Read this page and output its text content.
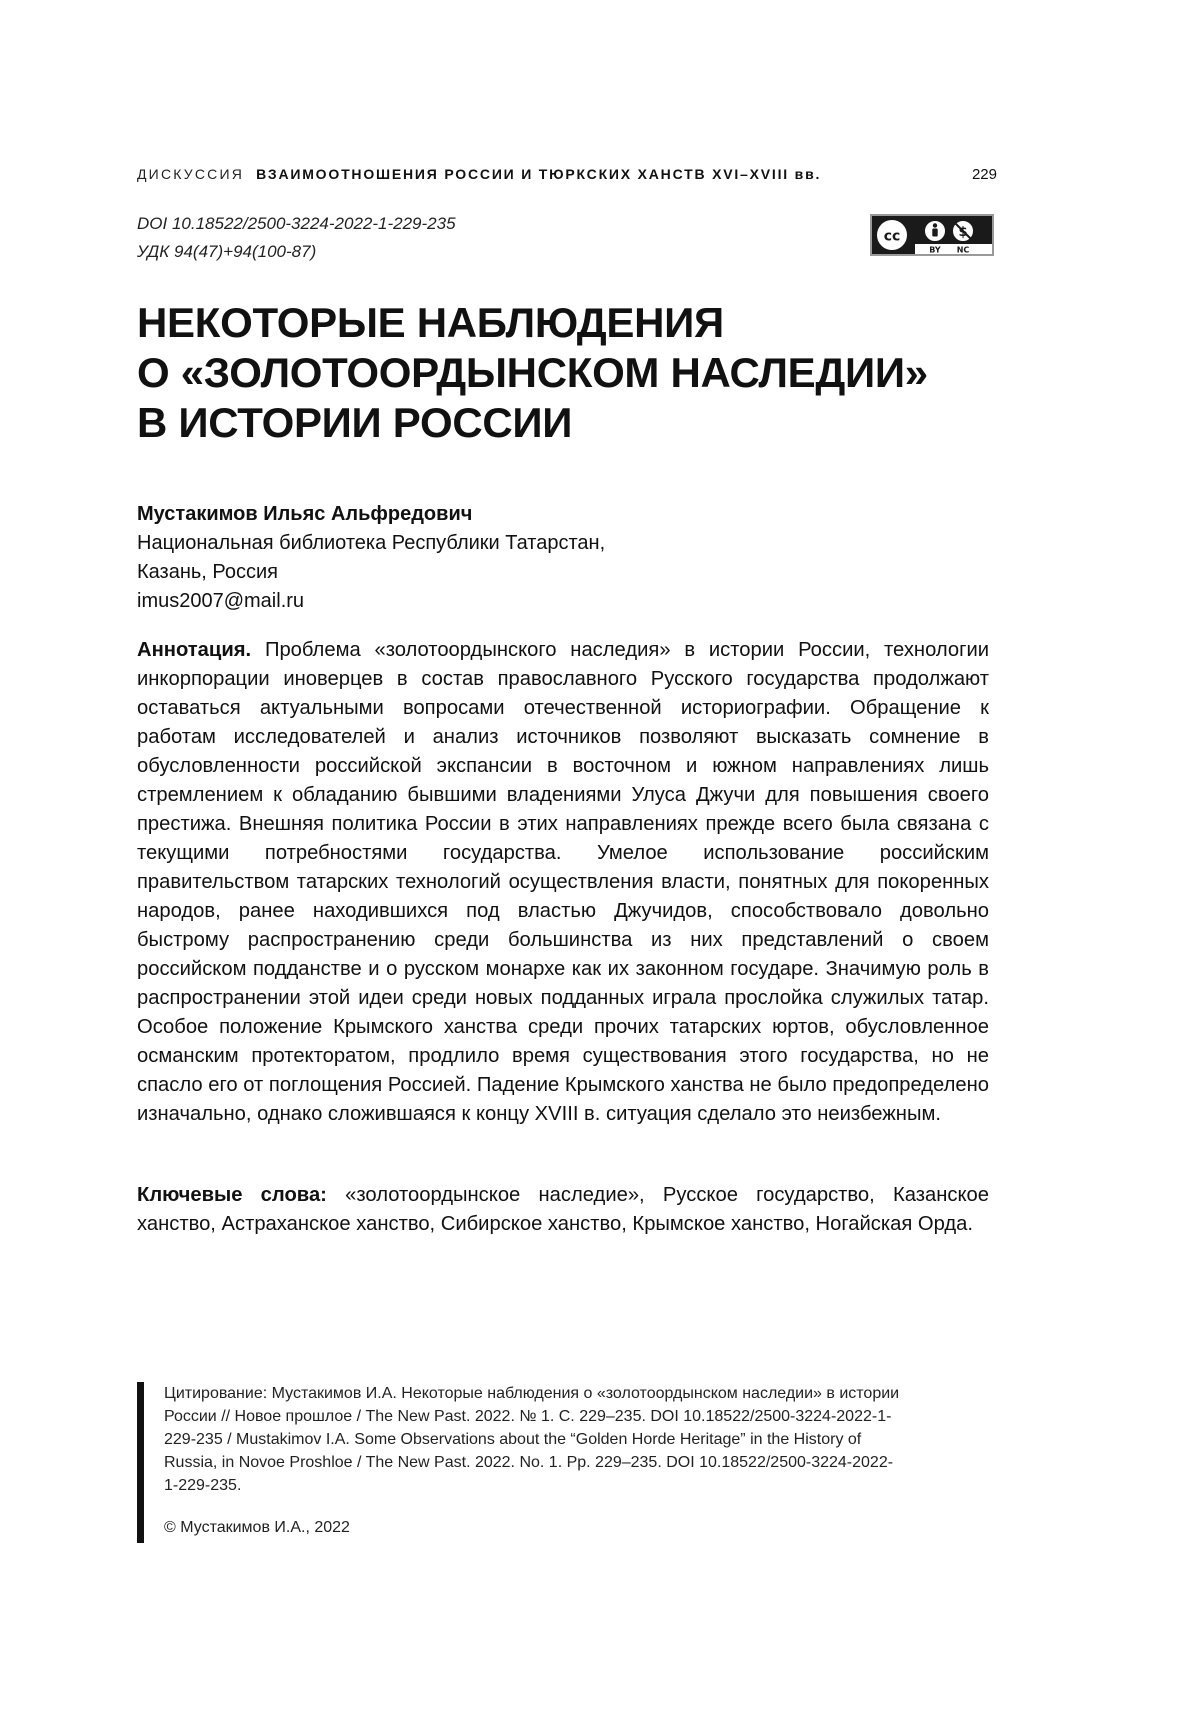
ДИСКУССИЯ ВЗАИМООТНОШЕНИЯ РОССИИ И ТЮРКСКИХ ХАНСТВ XVI–XVIII вв.	229
DOI 10.18522/2500-3224-2022-1-229-235
УДК 94(47)+94(100-87)
cc	$
BY NC
НЕКОТОРЫЕ НАБЛЮДЕНИЯ
О «ЗОЛОТООРДЫНСКОМ НАСЛЕДИИ»
В ИСТОРИИ РОССИИ
Мустакимов Ильяс Альфредович
Национальная библиотека Республики Татарстан,
Казань, Россия
imus2007@mail.ru

Аннотация. Проблема «золотоордынского наследия» в истории России, технологии инкорпорации иноверцев в состав православного Русского государства продолжа­ют оставаться актуальными вопросами отечественной историографии. Обращение к работам исследователей и анализ источников позволяют высказать сомнение в обусловленности российской экспансии в восточном и южном направлениях лишь стремлением к обладанию бывшими владениями Улуса Джучи для повышения сво­его престижа. Внешняя политика России в этих направлениях прежде всего была связана с текущими потребностями государства. Умелое использование россий­ским правительством татарских технологий осуществления власти, понятных для покоренных народов, ранее находившихся под властью Джучидов, способствовало довольно быстрому распространению среди большинства из них представлений о своем российском подданстве и о русском монархе как их законном государе. Зна­чимую роль в распространении этой идеи среди новых подданных играла прослой­ка служилых татар. Особое положение Крымского ханства среди прочих татарских юртов, обусловленное османским протекторатом, продлило время существования этого государства, но не спасло его от поглощения Россией. Падение Крымского ханства не было предопределено изначально, однако сложившаяся к концу XVIII в. ситуация сделало это неизбежным.

Ключевые слова: «золотоордынское наследие», Русское государство, Казанское ханство, Астраханское ханство, Сибирское ханство, Крымское ханство, Ногайская Орда.

Цитирование: Мустакимов И.А. Некоторые наблюдения о «золотоордынском наследии» в истории России // Новое прошлое / The New Past. 2022. № 1. С. 229–235. DOI 10.18522/2500-3224-2022-1-229-235 / Mustakimov I.A. Some Observations about the “Golden Horde Heritage” in the History of Russia, in Novoe Proshloe / The New Past. 2022. No. 1. Pp. 229–235. DOI 10.18522/2500-3224-2022-1-229-235.

© Мустакимов И.А., 2022
